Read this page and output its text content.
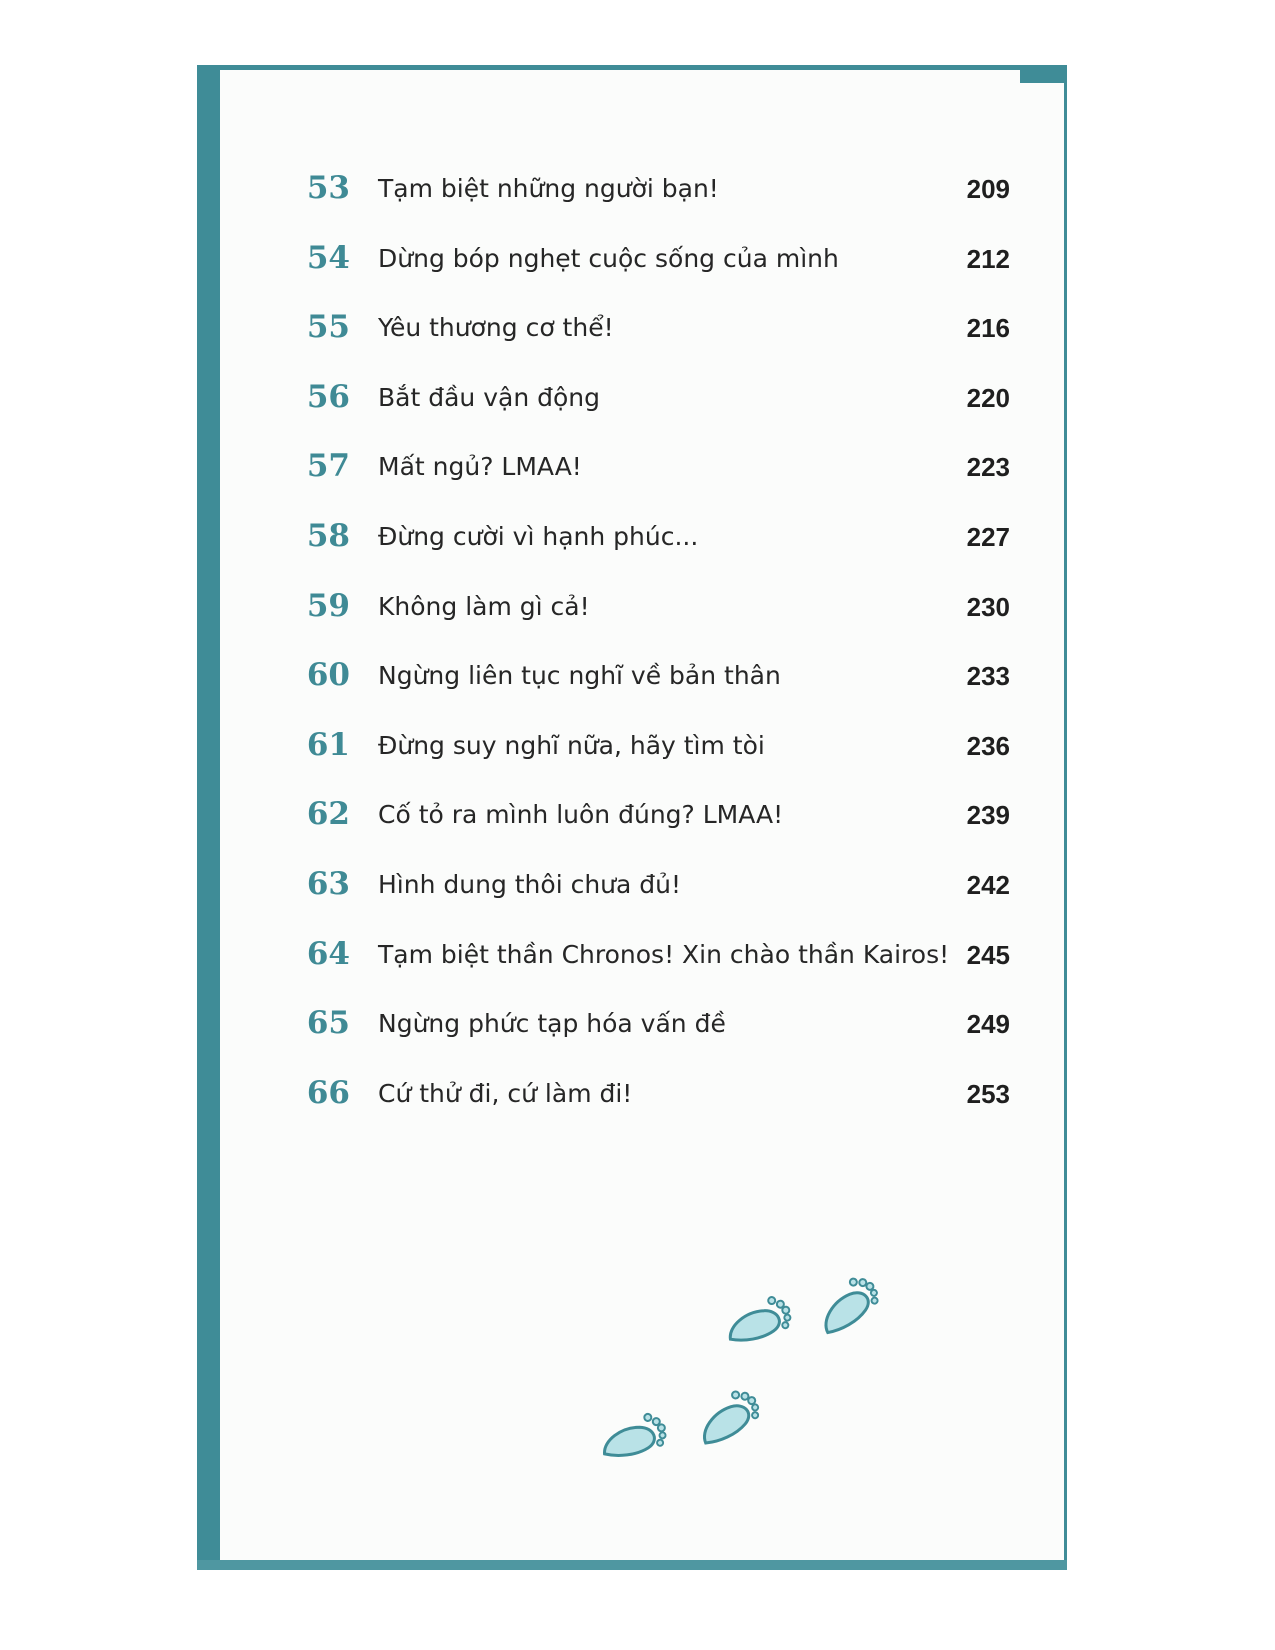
53 Tạm biệt những người bạn!	209
54 Dừng bóp nghẹt cuộc sống của mình	212
55 Yêu thương cơ thể!	216
56 Bắt đầu vận động	220
57 Mất ngủ? LMAA!	223
58 Đừng cười vì hạnh phúc...	227
59 Không làm gì cả!	230
60 Ngừng liên tục nghĩ về bản thân	233
61 Đừng suy nghĩ nữa, hãy tìm tòi	236
62 Cố tỏ ra mình luôn đúng? LMAA!	239
63 Hình dung thôi chưa đủ!	242
64 Tạm biệt thần Chronos! Xin chào thần Kairos! 245
65 Ngừng phức tạp hóa vấn đề	249
66 Cứ thử đi, cứ làm đi!	253
